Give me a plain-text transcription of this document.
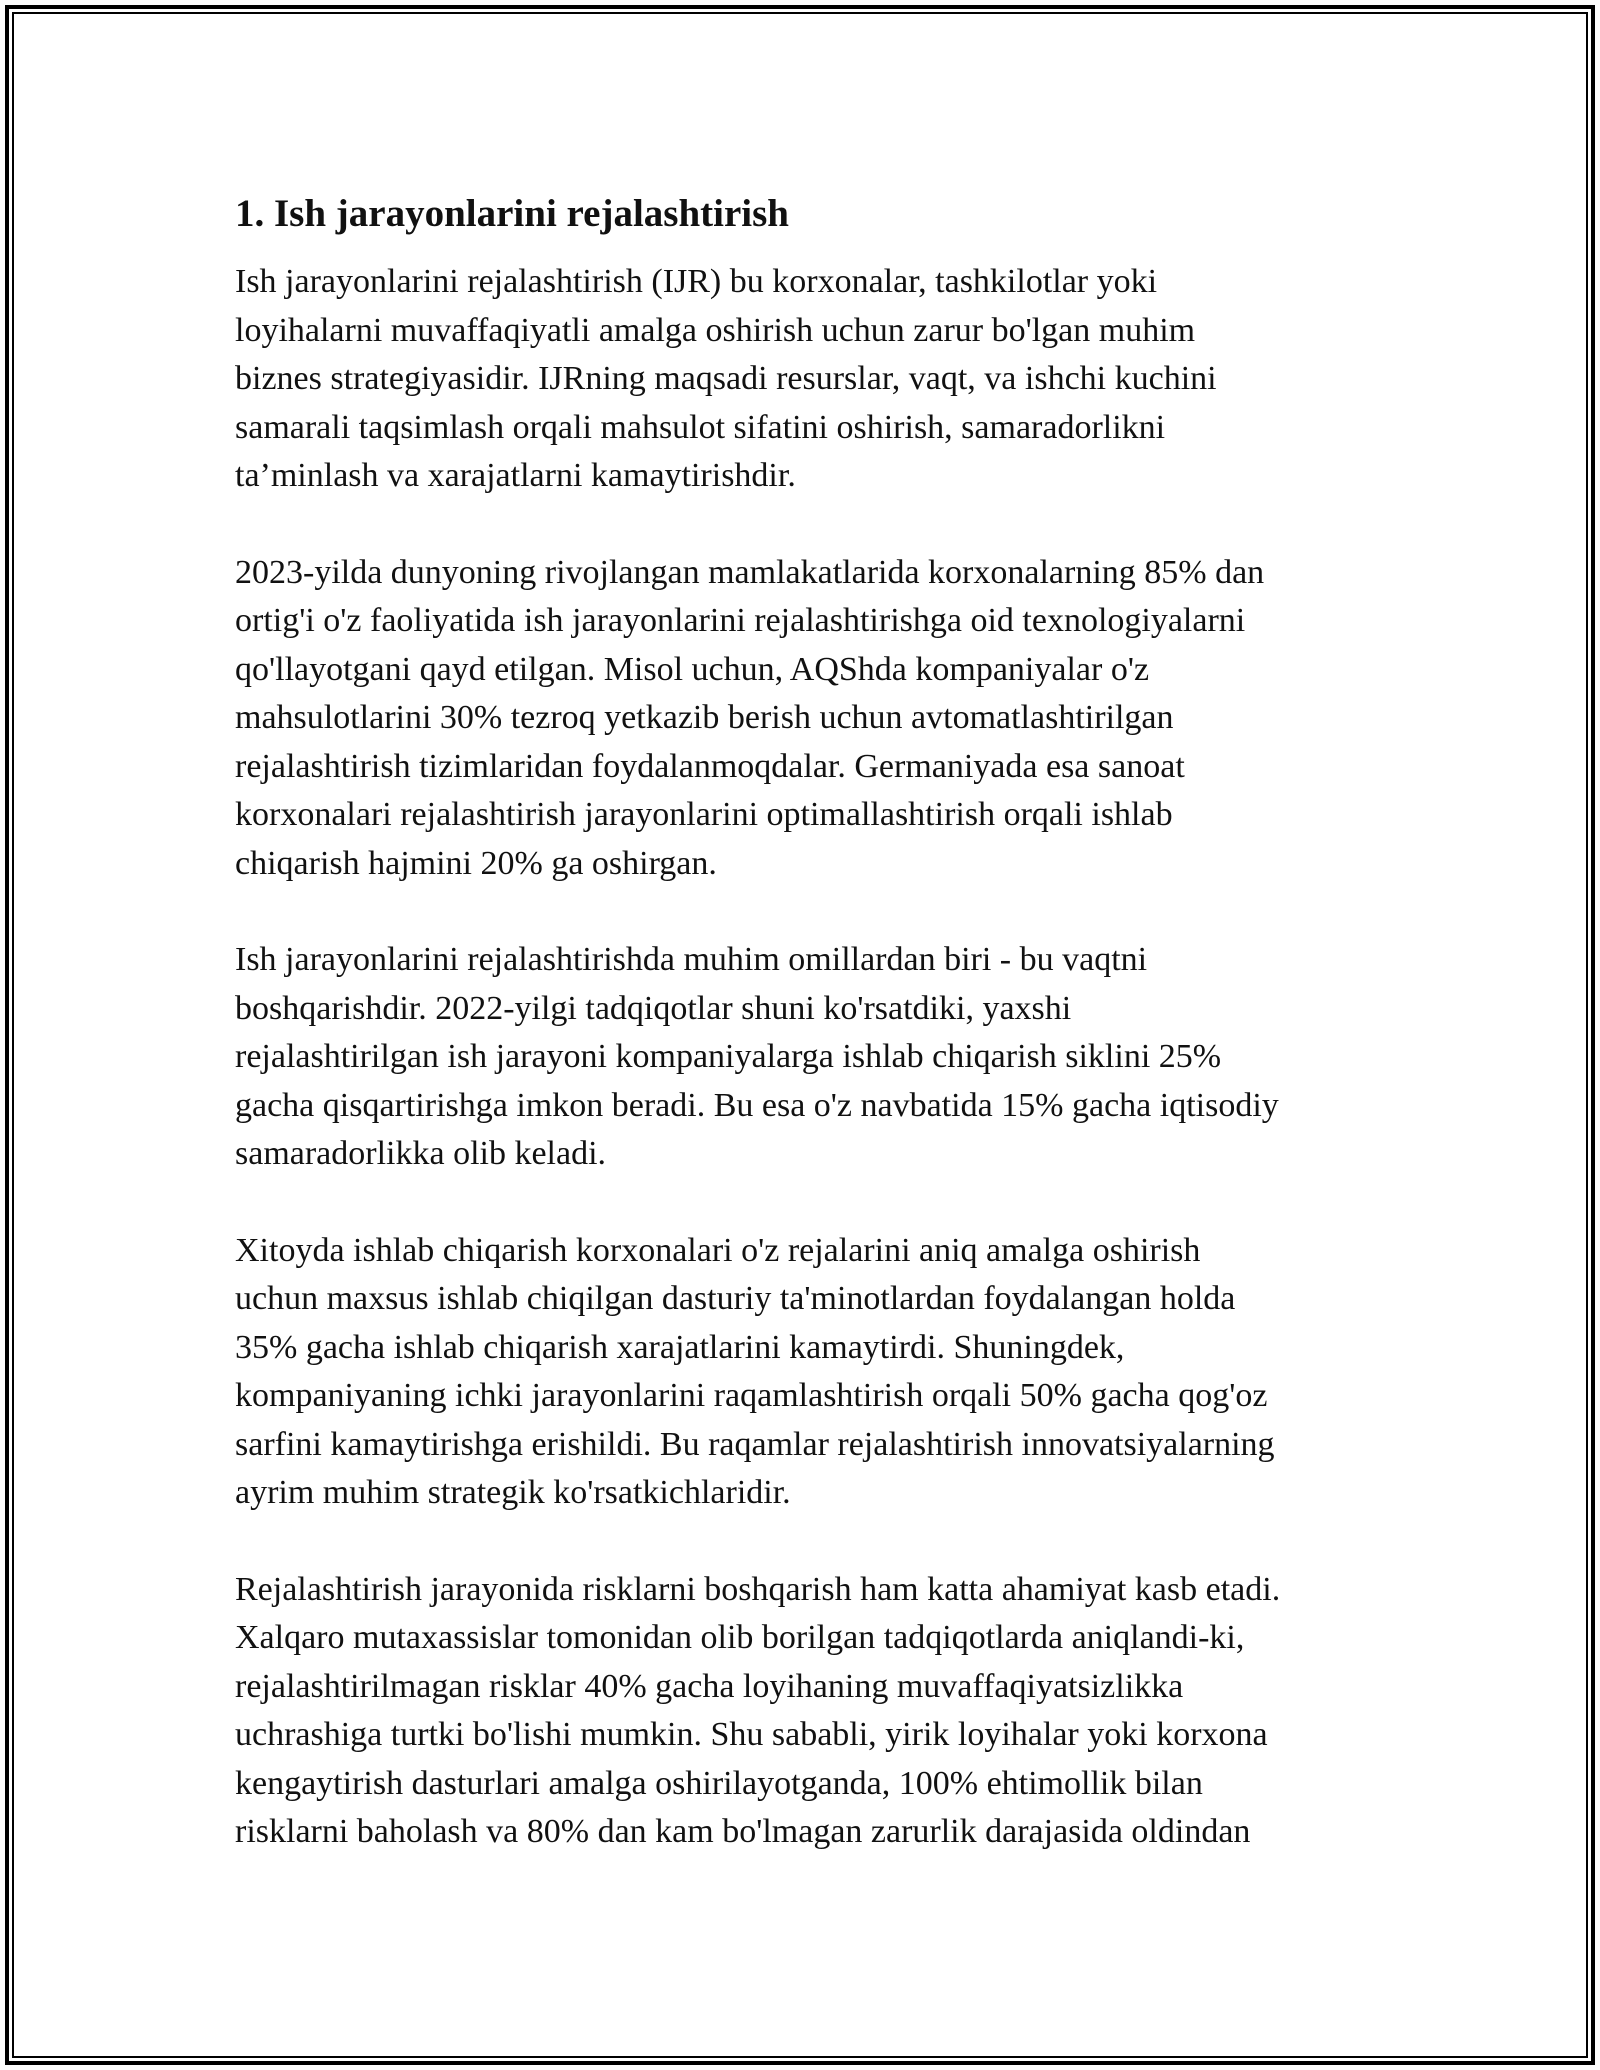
1. Ish jarayonlarini rejalashtirish

Ish jarayonlarini rejalashtirish (IJR) bu korxonalar, tashkilotlar yoki
loyihalarni muvaffaqiyatli amalga oshirish uchun zarur bo'lgan muhim
biznes strategiyasidir. IJRning maqsadi resurslar, vaqt, va ishchi kuchini
samarali taqsimlash orqali mahsulot sifatini oshirish, samaradorlikni
ta’minlash va xarajatlarni kamaytirishdir.

2023-yilda dunyoning rivojlangan mamlakatlarida korxonalarning 85% dan
ortig'i o'z faoliyatida ish jarayonlarini rejalashtirishga oid texnologiyalarni
qo'llayotgani qayd etilgan. Misol uchun, AQShda kompaniyalar o'z
mahsulotlarini 30% tezroq yetkazib berish uchun avtomatlashtirilgan
rejalashtirish tizimlaridan foydalanmoqdalar. Germaniyada esa sanoat
korxonalari rejalashtirish jarayonlarini optimallashtirish orqali ishlab
chiqarish hajmini 20% ga oshirgan.

Ish jarayonlarini rejalashtirishda muhim omillardan biri - bu vaqtni
boshqarishdir. 2022-yilgi tadqiqotlar shuni ko'rsatdiki, yaxshi
rejalashtirilgan ish jarayoni kompaniyalarga ishlab chiqarish siklini 25%
gacha qisqartirishga imkon beradi. Bu esa o'z navbatida 15% gacha iqtisodiy
samaradorlikka olib keladi.

Xitoyda ishlab chiqarish korxonalari o'z rejalarini aniq amalga oshirish
uchun maxsus ishlab chiqilgan dasturiy ta'minotlardan foydalangan holda
35% gacha ishlab chiqarish xarajatlarini kamaytirdi. Shuningdek,
kompaniyaning ichki jarayonlarini raqamlashtirish orqali 50% gacha qog'oz
sarfini kamaytirishga erishildi. Bu raqamlar rejalashtirish innovatsiyalarning
ayrim muhim strategik ko'rsatkichlaridir.

Rejalashtirish jarayonida risklarni boshqarish ham katta ahamiyat kasb etadi.
Xalqaro mutaxassislar tomonidan olib borilgan tadqiqotlarda aniqlandi-ki,
rejalashtirilmagan risklar 40% gacha loyihaning muvaffaqiyatsizlikka
uchrashiga turtki bo'lishi mumkin. Shu sababli, yirik loyihalar yoki korxona
kengaytirish dasturlari amalga oshirilayotganda, 100% ehtimollik bilan
risklarni baholash va 80% dan kam bo'lmagan zarurlik darajasida oldindan
